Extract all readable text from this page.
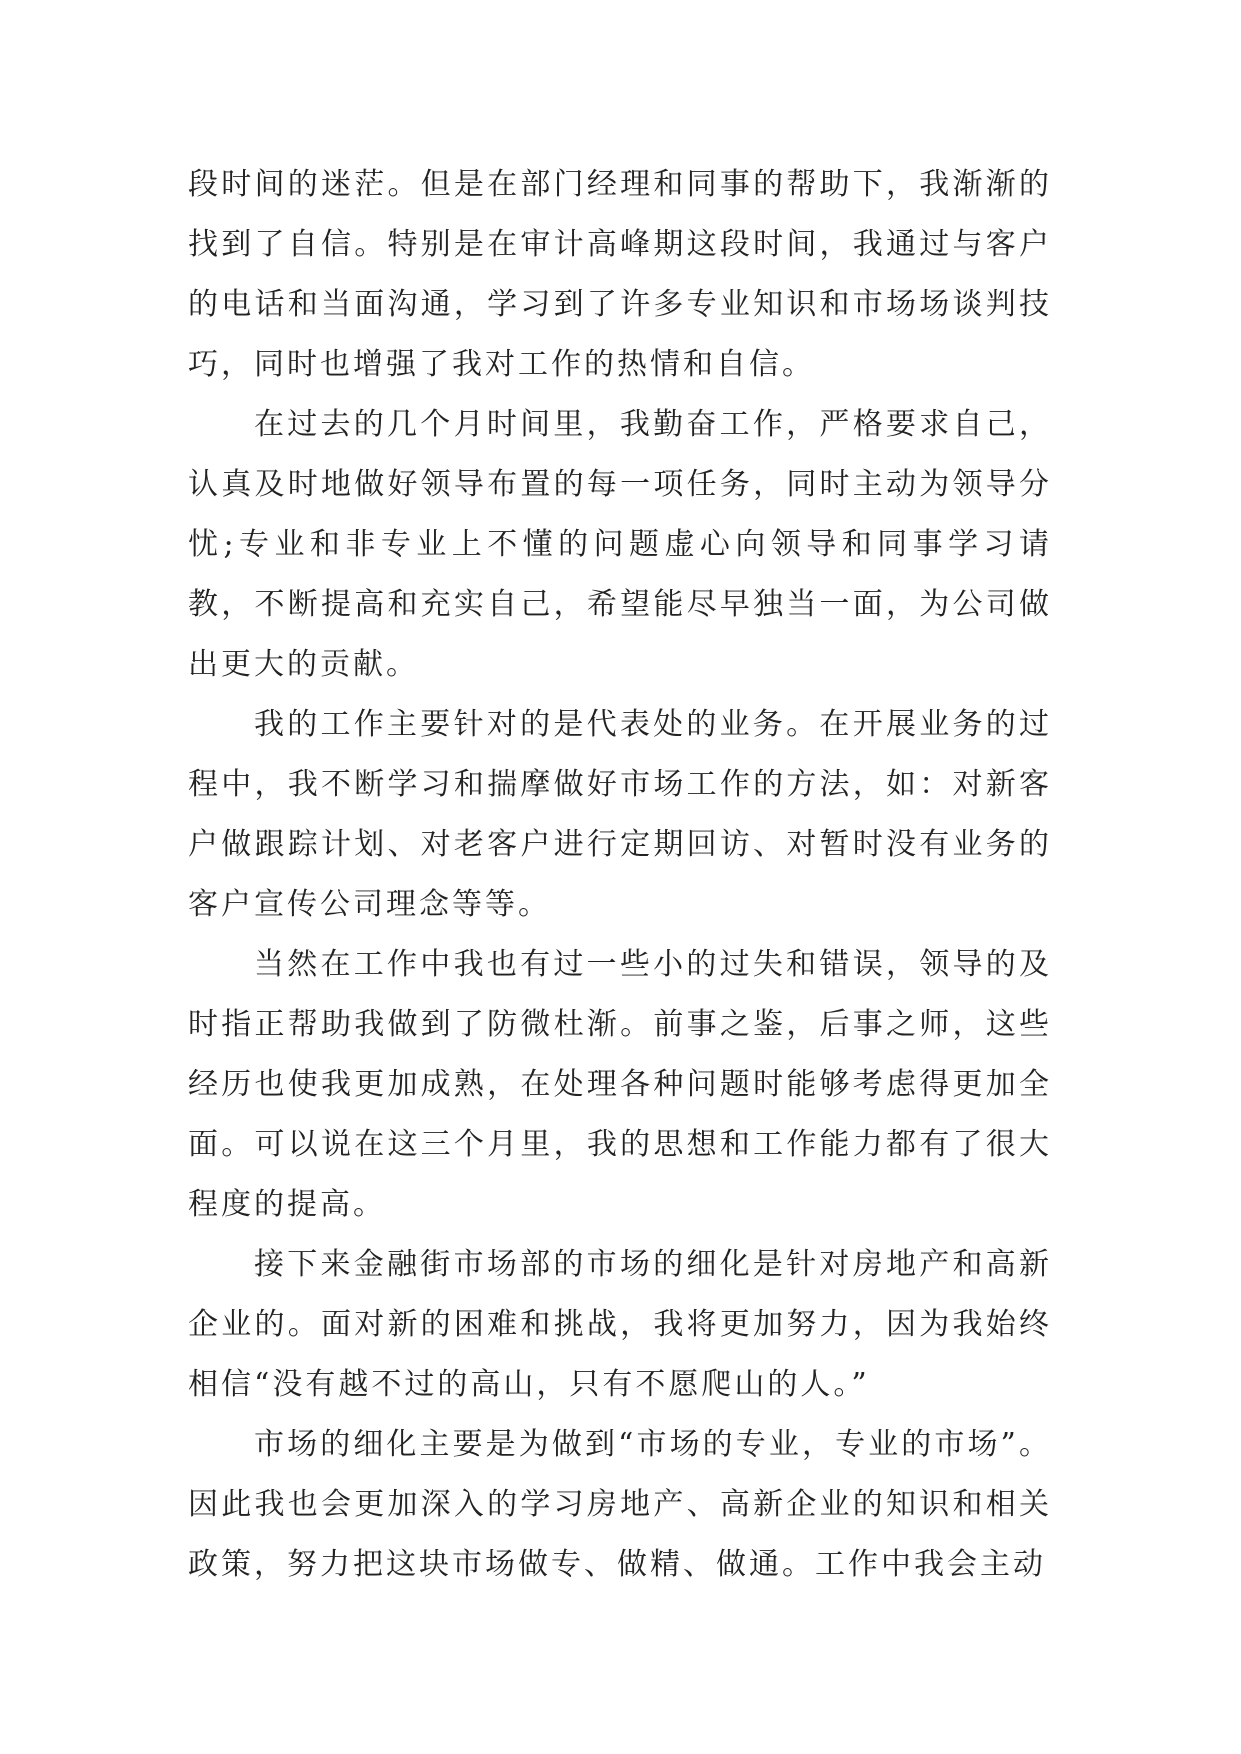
段时间的迷茫。但是在部门经理和同事的帮助下，我渐渐的找到了自信。特别是在审计高峰期这段时间，我通过与客户的电话和当面沟通，学习到了许多专业知识和市场场谈判技巧，同时也增强了我对工作的热情和自信。

在过去的几个月时间里，我勤奋工作，严格要求自己，认真及时地做好领导布置的每一项任务，同时主动为领导分忧;专业和非专业上不懂的问题虚心向领导和同事学习请教，不断提高和充实自己，希望能尽早独当一面，为公司做出更大的贡献。

我的工作主要针对的是代表处的业务。在开展业务的过程中，我不断学习和揣摩做好市场工作的方法，如：对新客户做跟踪计划、对老客户进行定期回访、对暂时没有业务的客户宣传公司理念等等。

当然在工作中我也有过一些小的过失和错误，领导的及时指正帮助我做到了防微杜渐。前事之鉴，后事之师，这些经历也使我更加成熟，在处理各种问题时能够考虑得更加全面。可以说在这三个月里，我的思想和工作能力都有了很大程度的提高。

接下来金融街市场部的市场的细化是针对房地产和高新企业的。面对新的困难和挑战，我将更加努力，因为我始终相信“没有越不过的高山，只有不愿爬山的人。”

市场的细化主要是为做到“市场的专业，专业的市场”。因此我也会更加深入的学习房地产、高新企业的知识和相关政策，努力把这块市场做专、做精、做通。工作中我会主动
